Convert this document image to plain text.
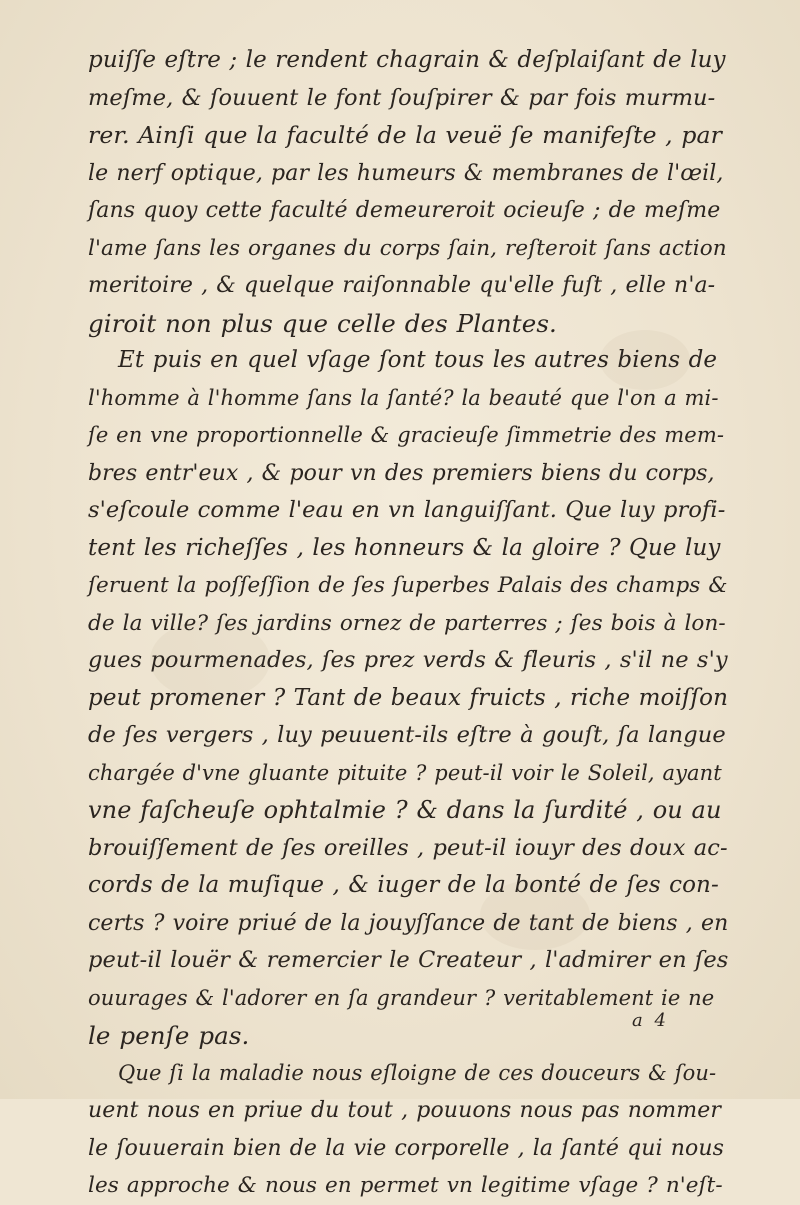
puiſſe eſtre ; le rendent chagrain & deſplaiſant de luy
meſme, & ſouuent le font ſouſpirer & par fois murmu-
rer. Ainſi que la faculté de la veuë ſe manifeſte , par
le nerf optique, par les humeurs & membranes de l'œil,
ſans quoy cette faculté demeureroit ocieuſe ; de meſme
l'ame ſans les organes du corps ſain, reſteroit ſans action
meritoire , & quelque raiſonnable qu'elle fuſt , elle n'a-
giroit non plus que celle des Plantes.
Et puis en quel vſage ſont tous les autres biens de
l'homme à l'homme ſans la ſanté? la beauté que l'on a mi-
ſe en vne proportionnelle & gracieuſe ſimmetrie des mem-
bres entr'eux , & pour vn des premiers biens du corps,
s'eſcoule comme l'eau en vn languiſſant. Que luy profi-
tent les richeſſes , les honneurs & la gloire ? Que luy
ſeruent la poſſeſſion de ſes ſuperbes Palais des champs &
de la ville? ſes jardins ornez de parterres ; ſes bois à lon-
gues pourmenades, ſes prez verds & fleuris , s'il ne s'y
peut promener ? Tant de beaux fruicts , riche moiſſon
de ſes vergers , luy peuuent-ils eſtre à gouſt, ſa langue
chargée d'vne gluante pituite ? peut-il voir le Soleil, ayant
vne faſcheuſe ophtalmie ? & dans la ſurdité , ou au
brouiſſement de ſes oreilles , peut-il iouyr des doux ac-
cords de la muſique , & iuger de la bonté de ſes con-
certs ? voire priué de la jouyſſance de tant de biens , en
peut-il louër & remercier le Createur , l'admirer en ſes
ouurages & l'adorer en ſa grandeur ? veritablement ie ne
le penſe pas.
Que ſi la maladie nous eſloigne de ces douceurs & ſou-
uent nous en priue du tout , pouuons nous pas nommer
le ſouuerain bien de la vie corporelle , la ſanté qui nous
les approche & nous en permet vn legitime vſage ? n'eſt-
a 4
